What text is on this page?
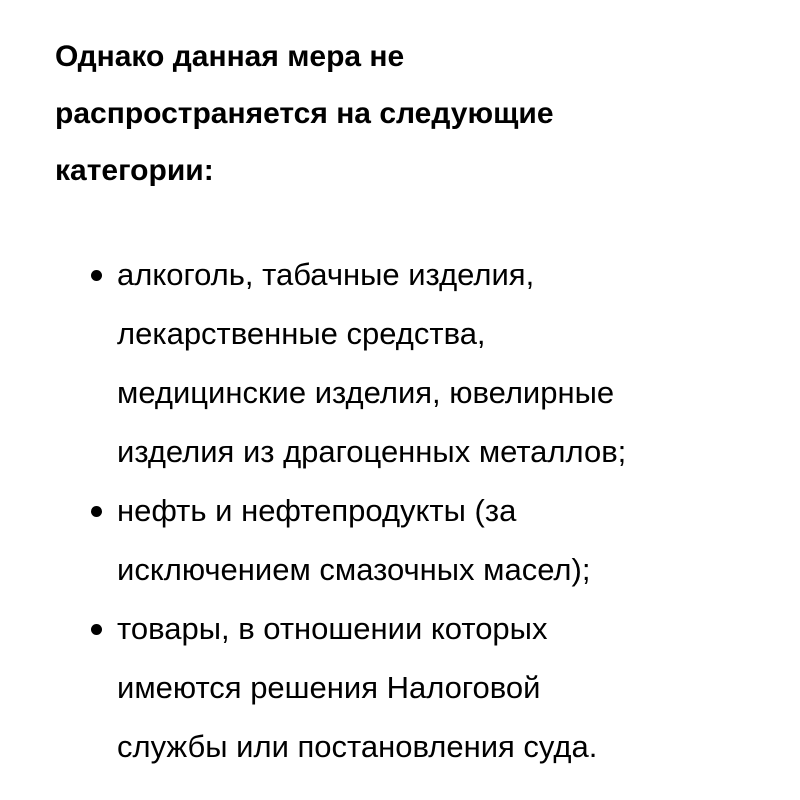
Однако данная мера не
распространяется на следующие
категории:

алкоголь, табачные изделия,
лекарственные средства,
медицинские изделия, ювелирные
изделия из драгоценных металлов;
нефть и нефтепродукты (за
исключением смазочных масел);
товары, в отношении которых
имеются решения Налоговой
службы или постановления суда.
